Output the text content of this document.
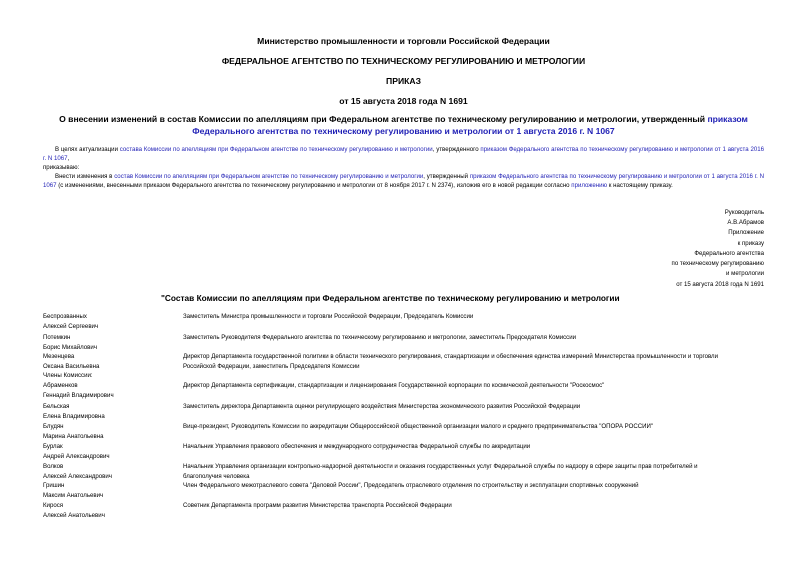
Министерство промышленности и торговли Российской Федерации
ФЕДЕРАЛЬНОЕ АГЕНТСТВО ПО ТЕХНИЧЕСКОМУ РЕГУЛИРОВАНИЮ И МЕТРОЛОГИИ
ПРИКАЗ
от 15 августа 2018 года N 1691
О внесении изменений в состав Комиссии по апелляциям при Федеральном агентстве по техническому регулированию и метрологии, утвержденный приказом
Федерального агентства по техническому регулированию и метрологии от 1 августа 2016 г. N 1067
В целях актуализации состава Комиссии по апелляциям при Федеральном агентстве по техническому регулированию и метрологии, утвержденного приказом Федерального агентства по техническому регулированию и метрологии от 1 августа 2016 г. N 1067,
приказываю:
Внести изменения в состав Комиссии по апелляциям при Федеральном агентстве по техническому регулированию и метрологии, утвержденный приказом Федерального агентства по техническому регулированию и метрологии от 1 августа 2016 г. N 1067 (с изменениями, внесенными приказом Федерального агентства по техническому регулированию и метрологии от 8 ноября 2017 г. N 2374), изложив его в новой редакции согласно приложению к настоящему приказу.
Руководитель
А.В.Абрамов
Приложение
к приказу
Федерального агентства
по техническому регулированию
и метрологии
от 15 августа 2018 года N 1691
"Состав Комиссии по апелляциям при Федеральном агентстве по техническому регулированию и метрологии
Беспрозванных
Алексей Сергеевич
Заместитель Министра промышленности и торговли Российской Федерации, Председатель Комиссии
Потемкин
Борис Михайлович
Заместитель Руководителя Федерального агентства по техническому регулированию и метрологии, заместитель Председателя Комиссии
Мезенцева
Оксана Васильевна
Директор Департамента государственной политики в области технического регулирования, стандартизации и обеспечения единства измерений Министерства промышленности и торговли
Российской Федерации, заместитель Председателя Комиссии
Члены Комиссии:
Абраменков
Геннадий Владимирович
Директор Департамента сертификации, стандартизации и лицензирования Государственной корпорации по космической деятельности "Роскосмос"
Бельская
Елена Владимировна
Заместитель директора Департамента оценки регулирующего воздействия Министерства экономического развития Российской Федерации
Блудян
Марина Анатольевна
Вице-президент, Руководитель Комиссии по аккредитации Общероссийской общественной организации малого и среднего предпринимательства "ОПОРА РОССИИ"
Бурлак
Андрей Александрович
Начальник Управления правового обеспечения и международного сотрудничества Федеральной службы по аккредитации
Волков
Алексей Александрович
Начальник Управления организации контрольно-надзорной деятельности и оказания государственных услуг Федеральной службы по надзору в сфере защиты прав потребителей и
благополучия человека
Гришин
Максим Анатольевич
Член Федерального межотраслевого совета "Деловой России", Председатель отраслевого отделения по строительству и эксплуатации спортивных сооружений
Кирося
Алексей Анатольевич
Советник Департамента программ развития Министерства транспорта Российской Федерации
